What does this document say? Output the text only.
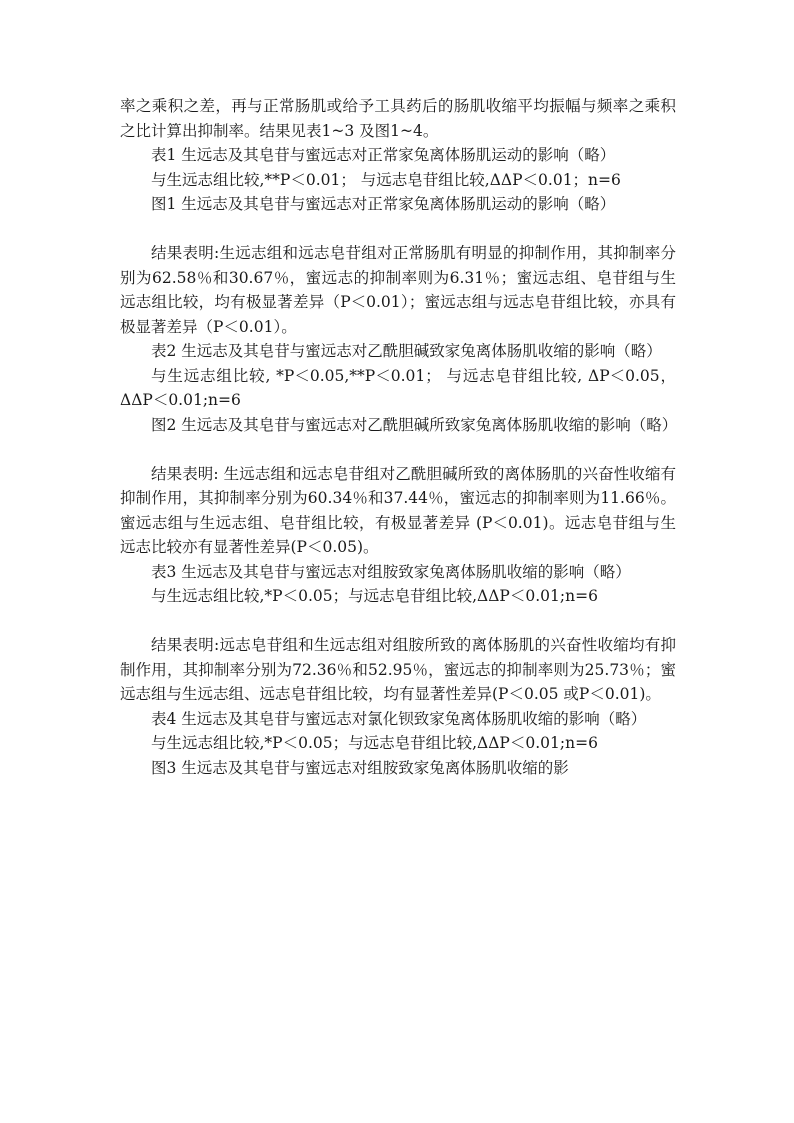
率之乘积之差，再与正常肠肌或给予工具药后的肠肌收缩平均振幅与频率之乘积之比计算出抑制率。结果见表1~3 及图1~4。

表1 生远志及其皂苷与蜜远志对正常家兔离体肠肌运动的影响（略）

与生远志组比较,**P＜0.01； 与远志皂苷组比较,ΔΔP＜0.01；n=6

图1 生远志及其皂苷与蜜远志对正常家兔离体肠肌运动的影响（略）

结果表明:生远志组和远志皂苷组对正常肠肌有明显的抑制作用，其抑制率分别为62.58％和30.67％，蜜远志的抑制率则为6.31％；蜜远志组、皂苷组与生远志组比较，均有极显著差异（P＜0.01）；蜜远志组与远志皂苷组比较，亦具有极显著差异（P＜0.01）。

表2 生远志及其皂苷与蜜远志对乙酰胆碱致家兔离体肠肌收缩的影响（略）

与生远志组比较, *P＜0.05,**P＜0.01； 与远志皂苷组比较, ΔP＜0.05， ΔΔP＜0.01;n=6

图2 生远志及其皂苷与蜜远志对乙酰胆碱所致家兔离体肠肌收缩的影响（略）

结果表明: 生远志组和远志皂苷组对乙酰胆碱所致的离体肠肌的兴奋性收缩有抑制作用，其抑制率分别为60.34％和37.44％，蜜远志的抑制率则为11.66％。蜜远志组与生远志组、皂苷组比较，有极显著差异 (P＜0.01)。远志皂苷组与生远志比较亦有显著性差异(P＜0.05)。

表3 生远志及其皂苷与蜜远志对组胺致家兔离体肠肌收缩的影响（略）

与生远志组比较,*P＜0.05；与远志皂苷组比较,ΔΔP＜0.01;n=6

结果表明:远志皂苷组和生远志组对组胺所致的离体肠肌的兴奋性收缩均有抑制作用，其抑制率分别为72.36％和52.95％，蜜远志的抑制率则为25.73％；蜜远志组与生远志组、远志皂苷组比较，均有显著性差异(P＜0.05 或P＜0.01)。

表4 生远志及其皂苷与蜜远志对氯化钡致家兔离体肠肌收缩的影响（略）

与生远志组比较,*P＜0.05；与远志皂苷组比较,ΔΔP＜0.01;n=6

图3 生远志及其皂苷与蜜远志对组胺致家兔离体肠肌收缩的影
